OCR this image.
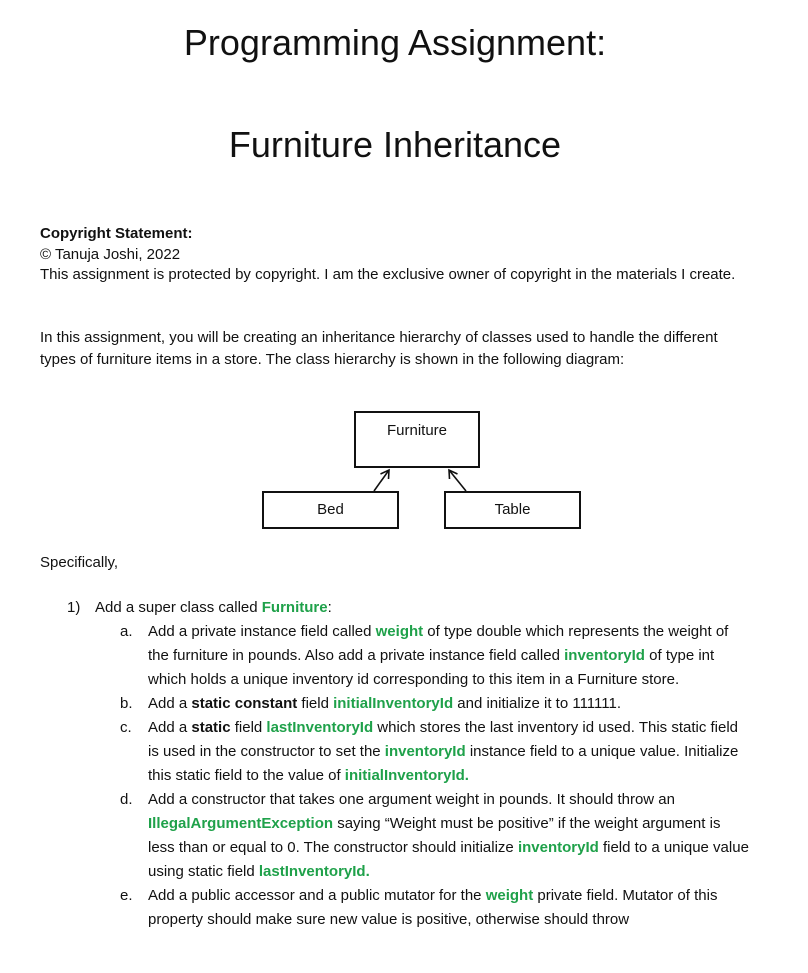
Programming Assignment:
Furniture Inheritance

Copyright Statement:
© Tanuja Joshi, 2022
This assignment is protected by copyright. I am the exclusive owner of copyright in the materials I create.

In this assignment, you will be creating an inheritance hierarchy of classes used to handle the different types of furniture items in a store. The class hierarchy is shown in the following diagram:

Furniture
Bed	Table

Specifically,

1) Add a super class called Furniture:
a. Add a private instance field called weight of type double which represents the weight of the furniture in pounds. Also add a private instance field called inventoryId of type int which holds a unique inventory id corresponding to this item in a Furniture store.
b. Add a static constant field initialInventoryId and initialize it to 111111.
c. Add a static field lastInventoryId which stores the last inventory id used. This static field is used in the constructor to set the inventoryId instance field to a unique value. Initialize this static field to the value of initialInventoryId.
d. Add a constructor that takes one argument weight in pounds. It should throw an IllegalArgumentException saying “Weight must be positive” if the weight argument is less than or equal to 0. The constructor should initialize inventoryId field to a unique value using static field lastInventoryId.
e. Add a public accessor and a public mutator for the weight private field. Mutator of this property should make sure new value is positive, otherwise should throw
